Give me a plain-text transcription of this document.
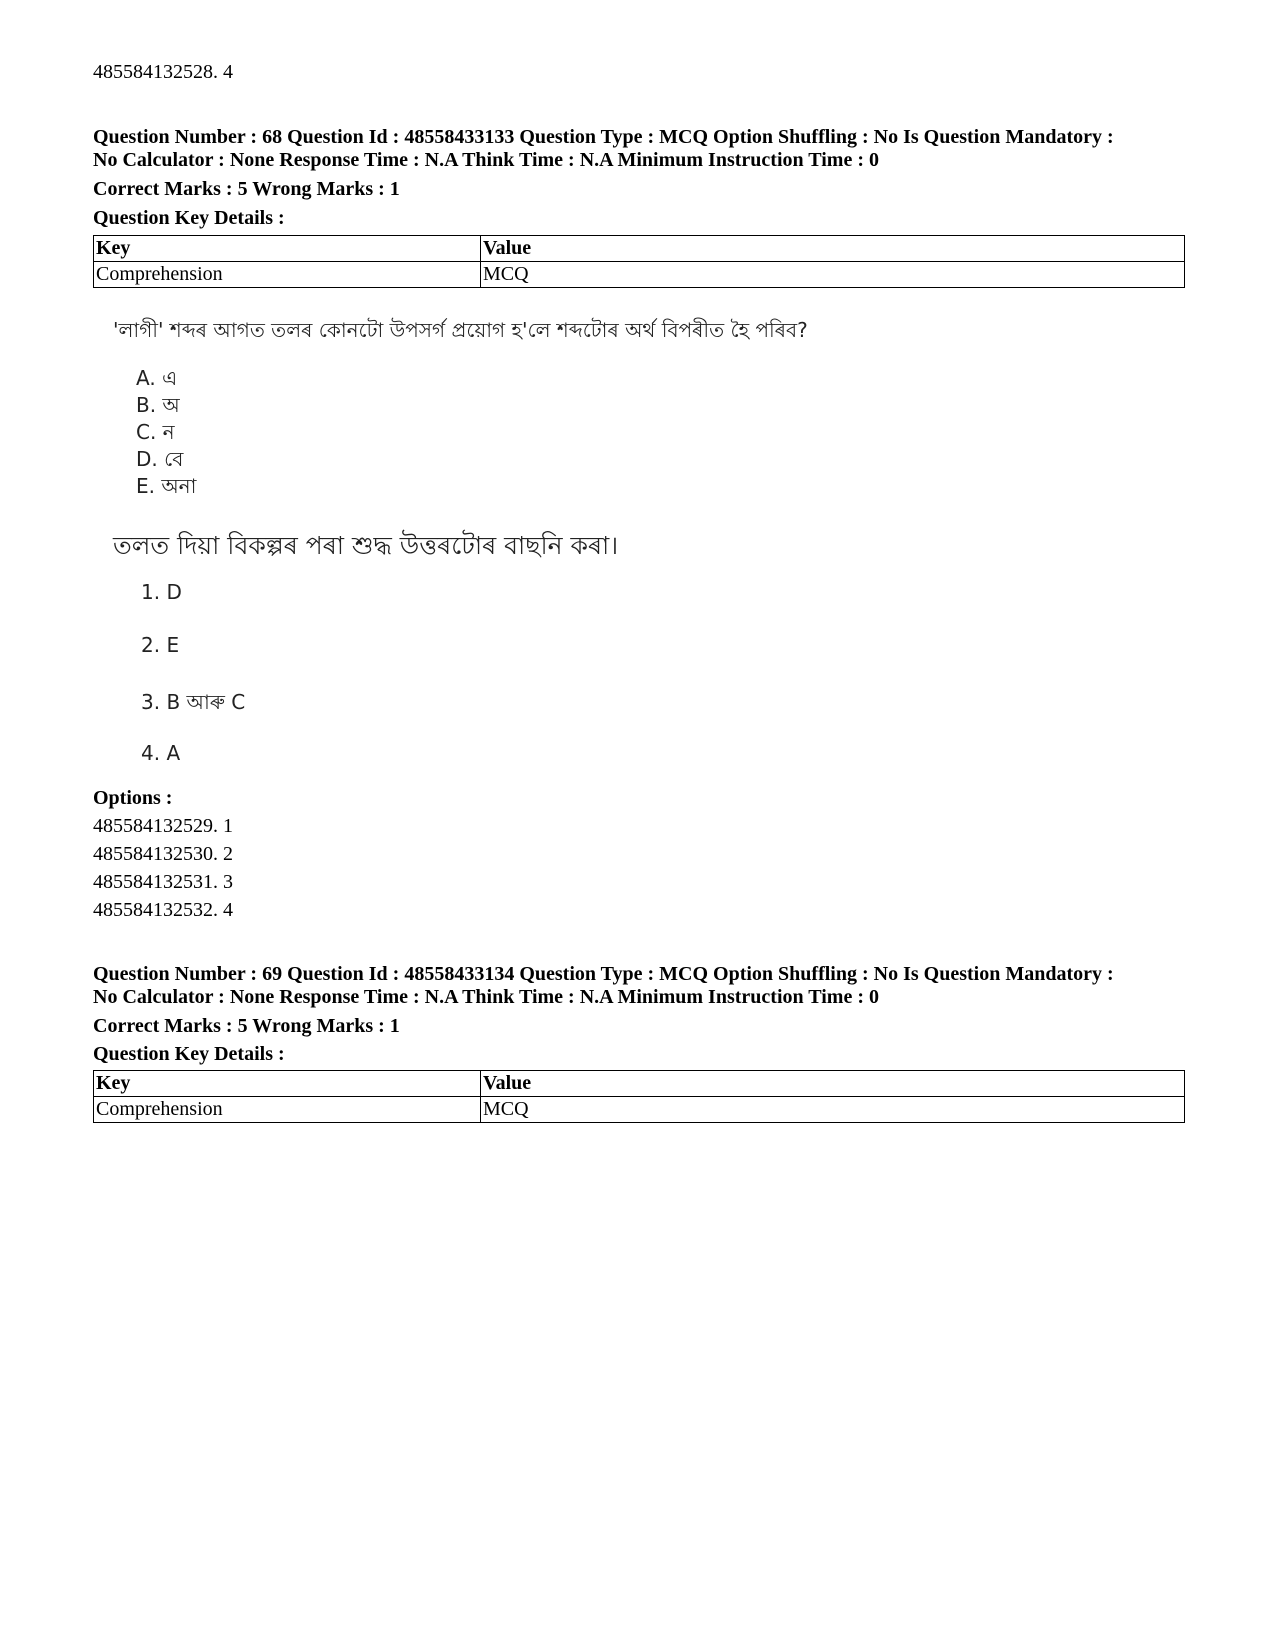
485584132528. 4
Question Number : 68 Question Id : 48558433133 Question Type : MCQ Option Shuffling : No Is Question Mandatory :
No Calculator : None Response Time : N.A Think Time : N.A Minimum Instruction Time : 0
Correct Marks : 5 Wrong Marks : 1
Question Key Details :
Key	Value
Comprehension	MCQ
'লাগী' শব্দৰ আগত তলৰ কোনটো উপসৰ্গ প্ৰয়োগ হ'লে শব্দটোৰ অৰ্থ বিপৰীত হৈ পৰিব?
A. এ
B. অ
C. ন
D. বে
E. অনা
তলত দিয়া বিকল্পৰ পৰা শুদ্ধ উত্তৰটোৰ বাছনি কৰা।
1. D
2. E
3. B আৰু C
4. A
Options :
485584132529. 1
485584132530. 2
485584132531. 3
485584132532. 4
Question Number : 69 Question Id : 48558433134 Question Type : MCQ Option Shuffling : No Is Question Mandatory :
No Calculator : None Response Time : N.A Think Time : N.A Minimum Instruction Time : 0
Correct Marks : 5 Wrong Marks : 1
Question Key Details :
Key	Value
Comprehension	MCQ
